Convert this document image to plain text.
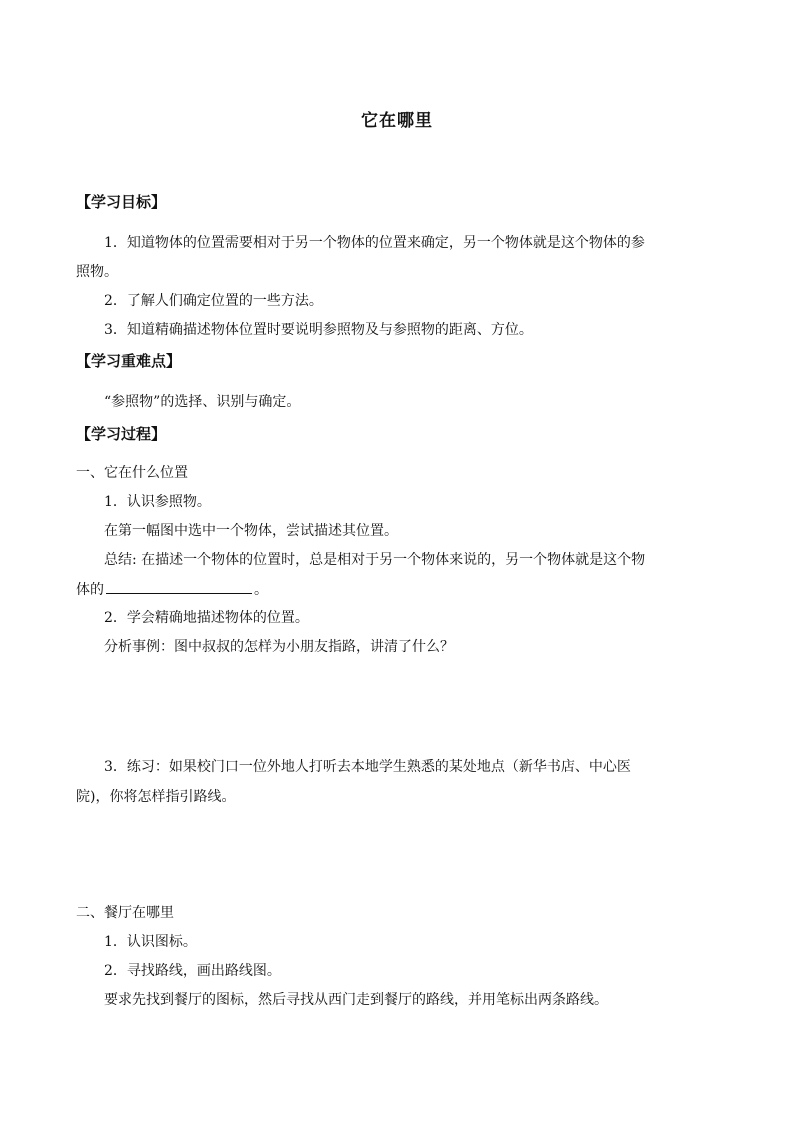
它在哪里
【学习目标】
1．知道物体的位置需要相对于另一个物体的位置来确定，另一个物体就是这个物体的参
照物。
2．了解人们确定位置的一些方法。
3．知道精确描述物体位置时要说明参照物及与参照物的距离、方位。
【学习重难点】
“参照物”的选择、识别与确定。
【学习过程】
一、它在什么位置
1．认识参照物。
在第一幅图中选中一个物体，尝试描述其位置。
总结: 在描述一个物体的位置时，总是相对于另一个物体来说的，另一个物体就是这个物
体的	。
2．学会精确地描述物体的位置。
分析事例：图中叔叔的怎样为小朋友指路，讲清了什么？
3．练习：如果校门口一位外地人打听去本地学生熟悉的某处地点（新华书店、中心医
院)，你将怎样指引路线。
二、餐厅在哪里
1．认识图标。
2．寻找路线，画出路线图。
要求先找到餐厅的图标，然后寻找从西门走到餐厅的路线，并用笔标出两条路线。
